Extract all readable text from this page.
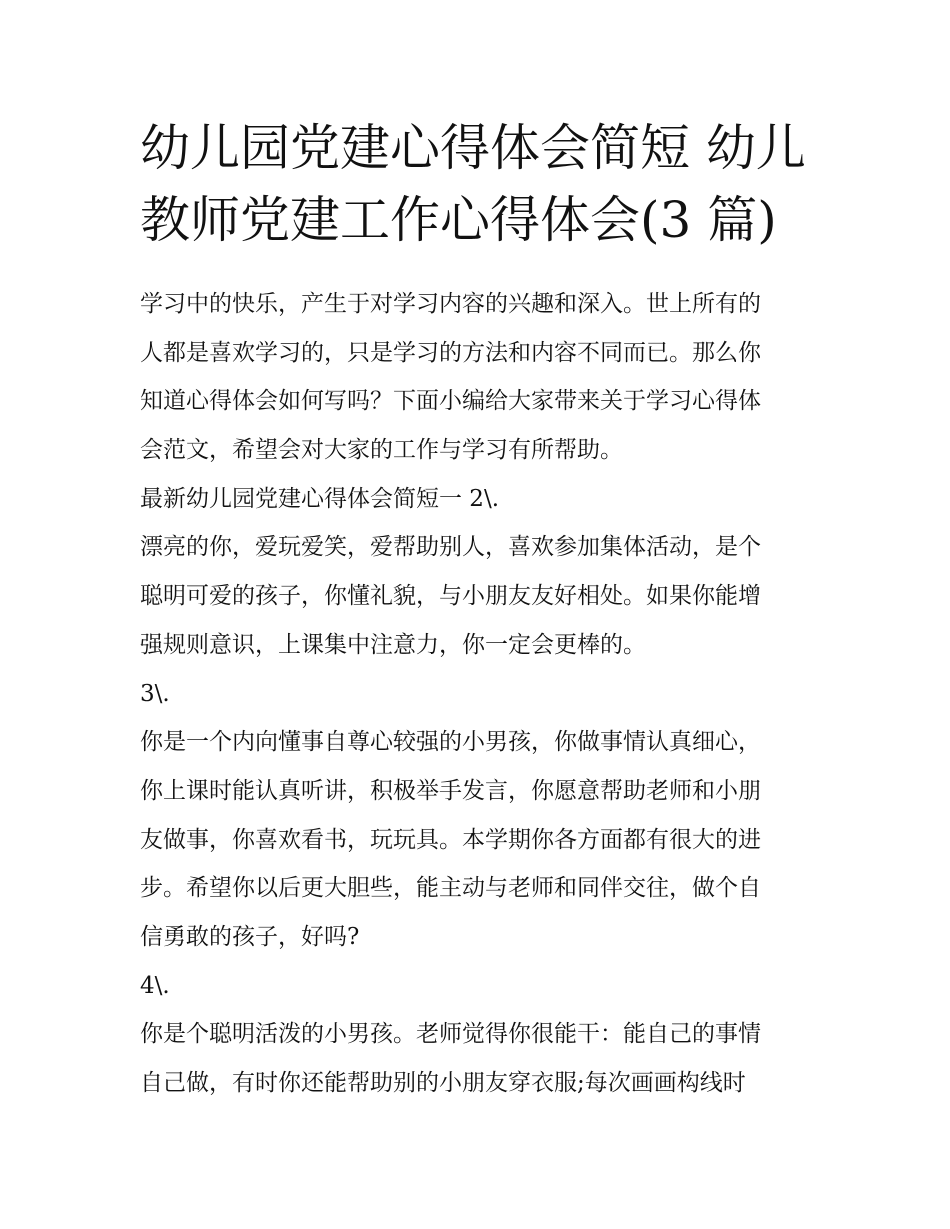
幼儿园党建心得体会简短 幼儿
教师党建工作心得体会(3 篇)

学习中的快乐，产生于对学习内容的兴趣和深入。世上所有的

人都是喜欢学习的，只是学习的方法和内容不同而已。那么你

知道心得体会如何写吗？下面小编给大家带来关于学习心得体

会范文，希望会对大家的工作与学习有所帮助。

最新幼儿园党建心得体会简短一 2\.

漂亮的你，爱玩爱笑，爱帮助别人，喜欢参加集体活动，是个

聪明可爱的孩子，你懂礼貌，与小朋友友好相处。如果你能增

强规则意识，上课集中注意力，你一定会更棒的。

3\.

你是一个内向懂事自尊心较强的小男孩，你做事情认真细心，

你上课时能认真听讲，积极举手发言，你愿意帮助老师和小朋

友做事，你喜欢看书，玩玩具。本学期你各方面都有很大的进

步。希望你以后更大胆些，能主动与老师和同伴交往，做个自

信勇敢的孩子，好吗?

4\.

你是个聪明活泼的小男孩。老师觉得你很能干：能自己的事情

自己做，有时你还能帮助别的小朋友穿衣服;每次画画构线时
